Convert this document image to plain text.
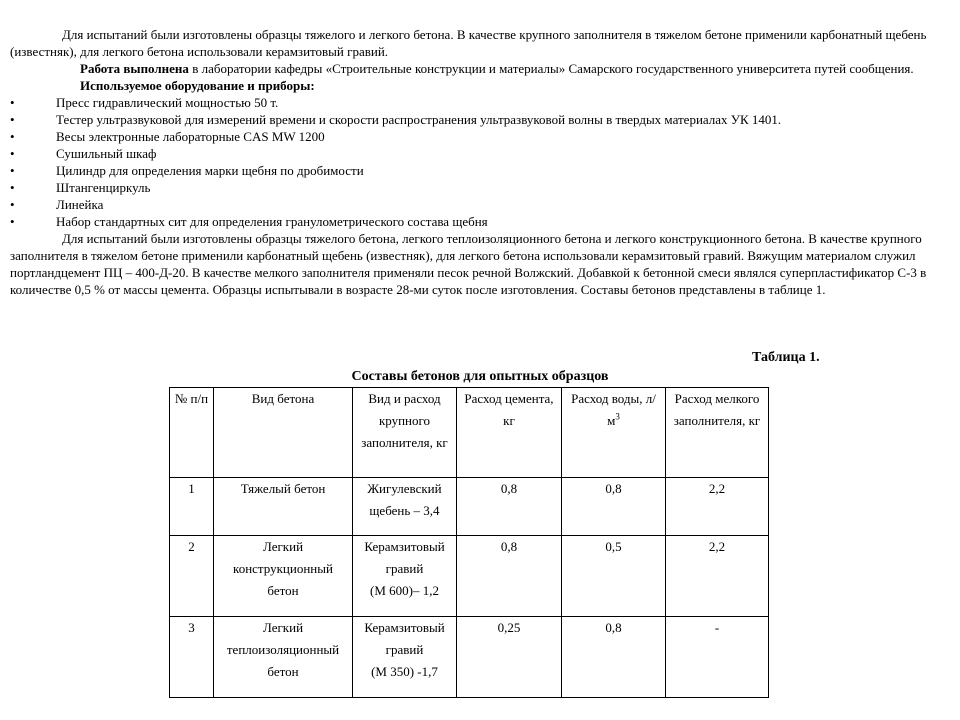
Для испытаний были изготовлены образцы тяжелого и легкого бетона. В качестве крупного заполнителя в тяжелом бетоне применили карбонатный щебень (известняк), для легкого бетона использовали керамзитовый гравий.

Работа выполнена в лаборатории кафедры «Строительные конструкции и материалы» Самарского государственного университета путей сообщения.

Используемое оборудование и приборы:

•	Пресс гидравлический мощностью 50 т.
•	Тестер ультразвуковой для измерений времени и скорости распространения ультразвуковой волны в твердых материалах УК 1401.
•	Весы электронные лабораторные CAS MW 1200
•	Сушильный шкаф
•	Цилиндр для определения марки щебня по дробимости
•	Штангенциркуль
•	Линейка
•	Набор стандартных сит для определения гранулометрического состава щебня

Для испытаний были изготовлены образцы тяжелого бетона, легкого теплоизоляционного бетона и легкого конструкционного бетона. В качестве крупного заполнителя в тяжелом бетоне применили карбонатный щебень (известняк), для легкого бетона использовали керамзитовый гравий. Вяжущим материалом служил портландцемент ПЦ – 400-Д-20. В качестве мелкого заполнителя применяли песок речной Волжский. Добавкой к бетонной смеси являлся суперпластификатор С-3 в количестве 0,5 % от массы цемента. Образцы испытывали в возрасте 28-ми суток после изготовления. Составы бетонов представлены в таблице 1.

Таблица 1.
Составы бетонов для опытных образцов
№ п/п	Вид бетона	Вид и расход крупного заполнителя, кг	Расход цемента, кг	Расход воды, $л/м^3$	Расход мелкого заполнителя, кг
1	Тяжелый бетон	Жигулевский щебень – 3,4	0,8	0,8	2,2
2	Легкий конструкционный бетон	Керамзитовый гравий
(М 600)– 1,2	0,8	0,5	2,2
3	Легкий теплоизоляционный бетон	Керамзитовый гравий
(М 350) -1,7	0,25	0,8	-
